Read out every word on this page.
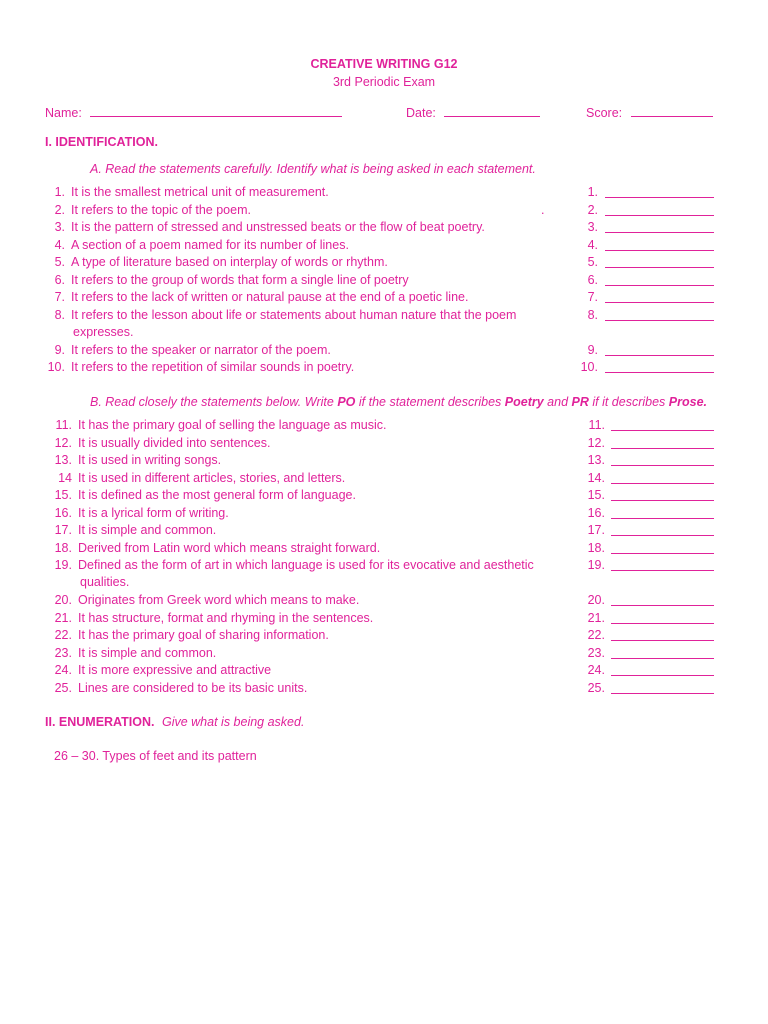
CREATIVE WRITING G12
3rd Periodic Exam
Name:	Date:	Score:
I. IDENTIFICATION.
A. Read the statements carefully. Identify what is being asked in each statement.
.
1. It is the smallest metrical unit of measurement.	1.
2. It refers to the topic of the poem.	2.
3. It is the pattern of stressed and unstressed beats or the flow of beat poetry.	3.
4. A section of a poem named for its number of lines.	4.
5. A type of literature based on interplay of words or rhythm.	5.
6. It refers to the group of words that form a single line of poetry	6.
7. It refers to the lack of written or natural pause at the end of a poetic line.	7.
8. It refers to the lesson about life or statements about human nature that the poem	8.
expresses.
9. It refers to the speaker or narrator of the poem.	9.
10. It refers to the repetition of similar sounds in poetry.	10.
B. Read closely the statements below. Write PO if the statement describes Poetry and PR if it describes Prose.
11. It has the primary goal of selling the language as music.	11.
12. It is usually divided into sentences.	12.
13. It is used in writing songs.	13.
14 It is used in different articles, stories, and letters.	14.
15. It is defined as the most general form of language.	15.
16. It is a lyrical form of writing.	16.
17. It is simple and common.	17.
18. Derived from Latin word which means straight forward.	18.
19. Defined as the form of art in which language is used for its evocative and aesthetic	19.
qualities.
20. Originates from Greek word which means to make.	20.
21. It has structure, format and rhyming in the sentences.	21.
22. It has the primary goal of sharing information.	22.
23. It is simple and common.	23.
24. It is more expressive and attractive	24.
25. Lines are considered to be its basic units.	25.
II. ENUMERATION. Give what is being asked.
26 – 30. Types of feet and its pattern
